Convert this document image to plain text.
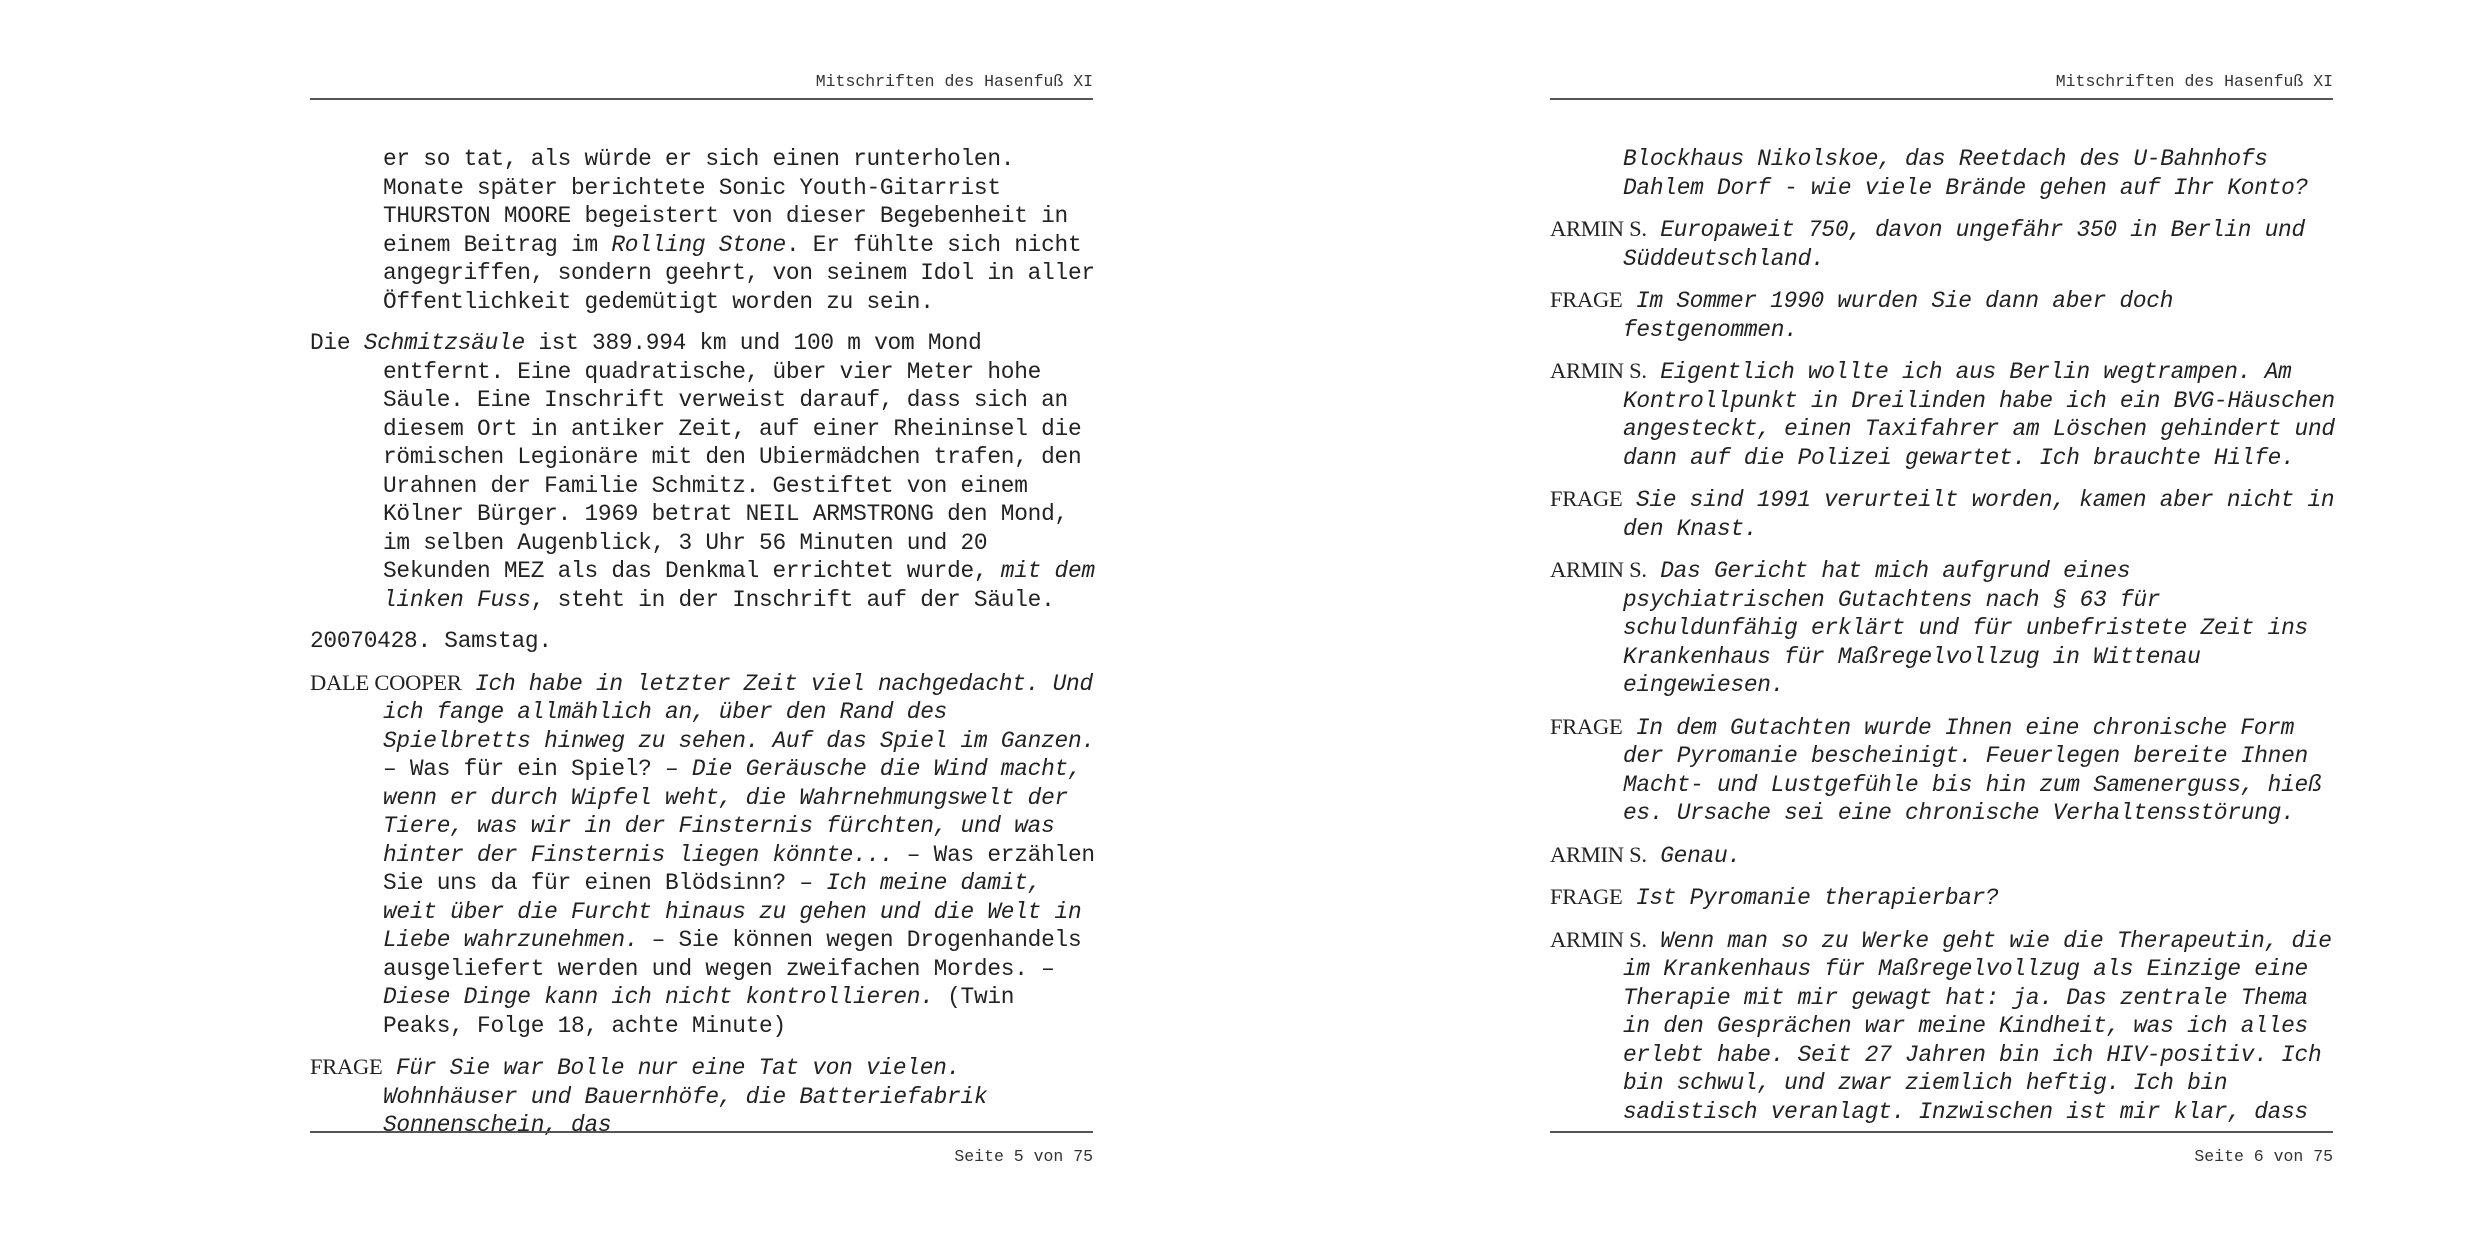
Mitschriften des Hasenfuß XI

er so tat, als würde er sich einen runterholen. Monate später berichtete Sonic Youth-Gitarrist THURSTON MOORE begeistert von dieser Begebenheit in einem Beitrag im Rolling Stone. Er fühlte sich nicht angegriffen, sondern geehrt, von seinem Idol in aller Öffentlichkeit gedemütigt worden zu sein.

Die Schmitzsäule ist 389.994 km und 100 m vom Mond entfernt. Eine quadratische, über vier Meter hohe Säule. Eine Inschrift verweist darauf, dass sich an diesem Ort in antiker Zeit, auf einer Rheininsel die römischen Legionäre mit den Ubiermädchen trafen, den Urahnen der Familie Schmitz. Gestiftet von einem Kölner Bürger. 1969 betrat NEIL ARMSTRONG den Mond, im selben Augenblick, 3 Uhr 56 Minuten und 20 Sekunden MEZ als das Denkmal errichtet wurde, mit dem linken Fuss, steht in der Inschrift auf der Säule.

20070428. Samstag.

DALE COOPER Ich habe in letzter Zeit viel nachgedacht. Und ich fange allmählich an, über den Rand des Spielbretts hinweg zu sehen. Auf das Spiel im Ganzen. – Was für ein Spiel? – Die Geräusche die Wind macht, wenn er durch Wipfel weht, die Wahrnehmungswelt der Tiere, was wir in der Finsternis fürchten, und was hinter der Finsternis liegen könnte... – Was erzählen Sie uns da für einen Blödsinn? – Ich meine damit, weit über die Furcht hinaus zu gehen und die Welt in Liebe wahrzunehmen. – Sie können wegen Drogenhandels ausgeliefert werden und wegen zweifachen Mordes. – Diese Dinge kann ich nicht kontrollieren. (Twin Peaks, Folge 18, achte Minute)

FRAGE Für Sie war Bolle nur eine Tat von vielen. Wohnhäuser und Bauernhöfe, die Batteriefabrik Sonnenschein, das

Seite 5 von 75
Mitschriften des Hasenfuß XI

Blockhaus Nikolskoe, das Reetdach des U-Bahnhofs Dahlem Dorf - wie viele Brände gehen auf Ihr Konto?

ARMIN S. Europaweit 750, davon ungefähr 350 in Berlin und Süddeutschland.

FRAGE Im Sommer 1990 wurden Sie dann aber doch festgenommen.

ARMIN S. Eigentlich wollte ich aus Berlin wegtrampen. Am Kontrollpunkt in Dreilinden habe ich ein BVG-Häuschen angesteckt, einen Taxifahrer am Löschen gehindert und dann auf die Polizei gewartet. Ich brauchte Hilfe.

FRAGE Sie sind 1991 verurteilt worden, kamen aber nicht in den Knast.

ARMIN S. Das Gericht hat mich aufgrund eines psychiatrischen Gutachtens nach § 63 für schuldunfähig erklärt und für unbefristete Zeit ins Krankenhaus für Maßregelvollzug in Wittenau eingewiesen.

FRAGE In dem Gutachten wurde Ihnen eine chronische Form der Pyromanie bescheinigt. Feuerlegen bereite Ihnen Macht- und Lustgefühle bis hin zum Samenerguss, hieß es. Ursache sei eine chronische Verhaltensstörung.

ARMIN S. Genau.

FRAGE Ist Pyromanie therapierbar?

ARMIN S. Wenn man so zu Werke geht wie die Therapeutin, die im Krankenhaus für Maßregelvollzug als Einzige eine Therapie mit mir gewagt hat: ja. Das zentrale Thema in den Gesprächen war meine Kindheit, was ich alles erlebt habe. Seit 27 Jahren bin ich HIV-positiv. Ich bin schwul, und zwar ziemlich heftig. Ich bin sadistisch veranlagt. Inzwischen ist mir klar, dass

Seite 6 von 75
